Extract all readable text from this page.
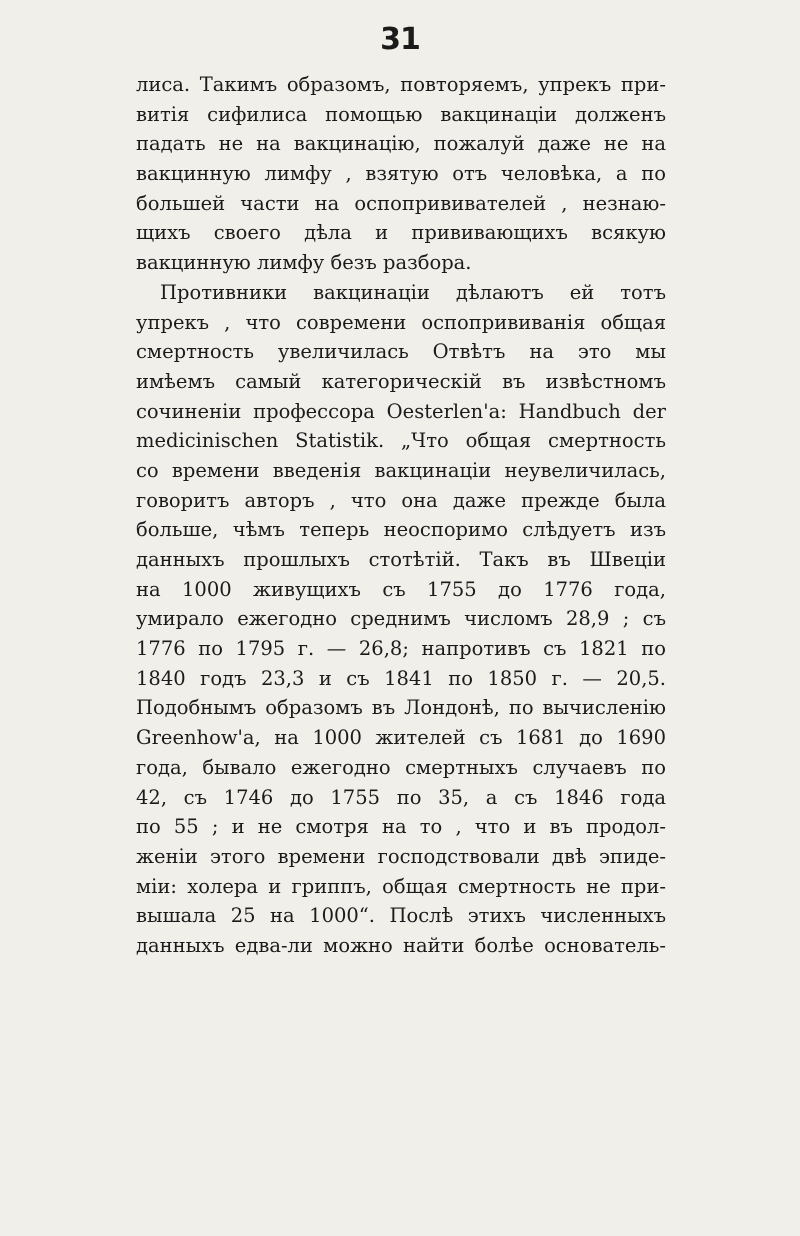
31
лиса. Такимъ образомъ, повторяемъ, упрекъ при-
витія сифилиса помощью вакцинаціи долженъ
падать не на вакцинацію, пожалуй даже не на
вакцинную лимфу , взятую отъ человѣка, а по
большей части на оспопрививателей , незнаю-
щихъ своего дѣла и прививающихъ всякую
вакцинную лимфу безъ разбора.
Противники вакцинаціи дѣлаютъ ей тотъ
упрекъ , что современи оспопрививанія общая
смертность увеличилась Отвѣтъ на это мы
имѣемъ самый категорическій въ извѣстномъ
сочиненіи профессора Oesterlen'a: Handbuch der
medicinischen Statistik. „Что общая смертность
со времени введенія вакцинаціи неувеличилась,
говоритъ авторъ , что она даже прежде была
больше, чѣмъ теперь неоспоримо слѣдуетъ изъ
данныхъ прошлыхъ стотѣтій. Такъ въ Швеціи
на 1000 живущихъ съ 1755 до 1776 года,
умирало ежегодно среднимъ числомъ 28,9 ; съ
1776 по 1795 г. — 26,8; напротивъ съ 1821 по
1840 годъ 23,3 и съ 1841 по 1850 г. — 20,5.
Подобнымъ образомъ въ Лондонѣ, по вычисленію
Greenhow'a, на 1000 жителей съ 1681 до 1690
года, бывало ежегодно смертныхъ случаевъ по
42, съ 1746 до 1755 по 35, а съ 1846 года
по 55 ; и не смотря на то , что и въ продол-
женіи этого времени господствовали двѣ эпиде-
міи: холера и гриппъ, общая смертность не при-
вышала 25 на 1000“. Послѣ этихъ численныхъ
данныхъ едва-ли можно найти болѣе основатель-
